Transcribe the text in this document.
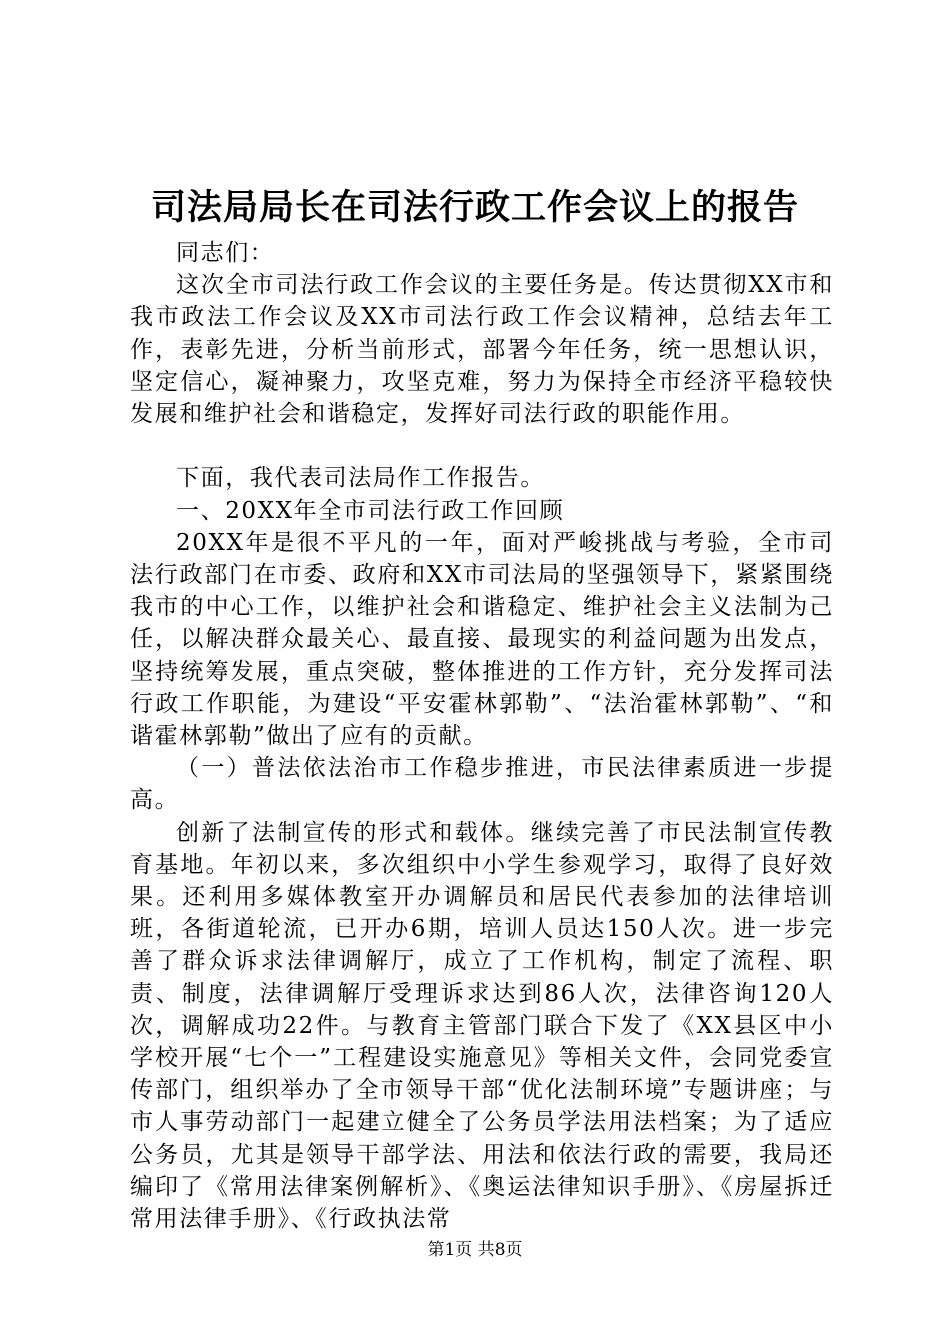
司法局局长在司法行政工作会议上的报告

同志们：

这次全市司法行政工作会议的主要任务是。传达贯彻XX市和我市政法工作会议及XX市司法行政工作会议精神，总结去年工作，表彰先进，分析当前形式，部署今年任务，统一思想认识，坚定信心，凝神聚力，攻坚克难，努力为保持全市经济平稳较快发展和维护社会和谐稳定，发挥好司法行政的职能作用。

下面，我代表司法局作工作报告。

一、20XX年全市司法行政工作回顾

20XX年是很不平凡的一年，面对严峻挑战与考验，全市司法行政部门在市委、政府和XX市司法局的坚强领导下，紧紧围绕我市的中心工作，以维护社会和谐稳定、维护社会主义法制为己任，以解决群众最关心、最直接、最现实的利益问题为出发点，坚持统筹发展，重点突破，整体推进的工作方针，充分发挥司法行政工作职能，为建设“平安霍林郭勒”、“法治霍林郭勒”、“和谐霍林郭勒”做出了应有的贡献。

（一）普法依法治市工作稳步推进，市民法律素质进一步提高。

创新了法制宣传的形式和载体。继续完善了市民法制宣传教育基地。年初以来，多次组织中小学生参观学习，取得了良好效果。还利用多媒体教室开办调解员和居民代表参加的法律培训班，各街道轮流，已开办6期，培训人员达150人次。进一步完善了群众诉求法律调解厅，成立了工作机构，制定了流程、职责、制度，法律调解厅受理诉求达到86人次，法律咨询120人次，调解成功22件。与教育主管部门联合下发了《XX县区中小学校开展“七个一”工程建设实施意见》等相关文件，会同党委宣传部门，组织举办了全市领导干部“优化法制环境”专题讲座；与市人事劳动部门一起建立健全了公务员学法用法档案；为了适应公务员，尤其是领导干部学法、用法和依法行政的需要，我局还编印了《常用法律案例解析》、《奥运法律知识手册》、《房屋拆迁常用法律手册》、《行政执法常

第1页 共8页
